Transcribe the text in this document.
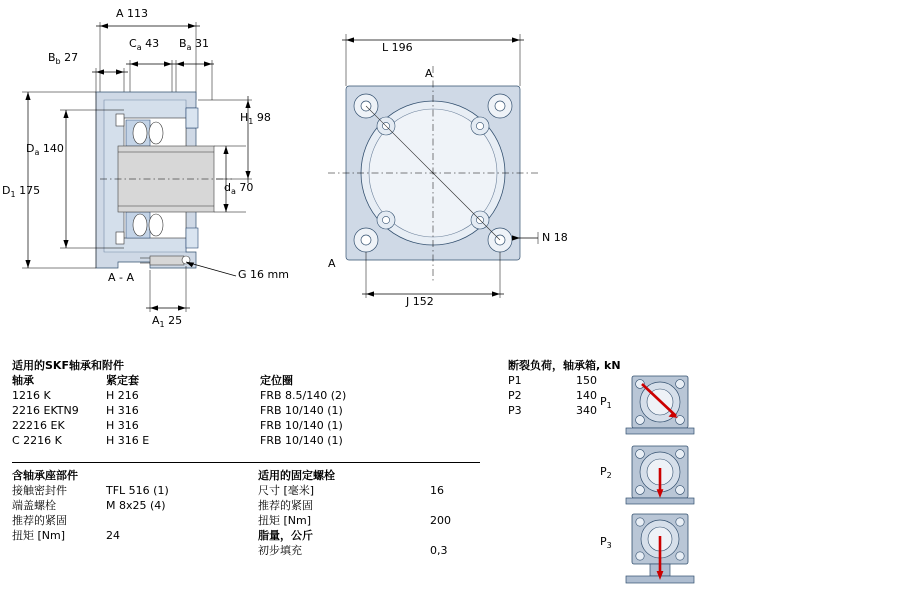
A 113
$B_b$ 27
$C_a$ 43 $B_a$ 31
$H_1$ 98
$D_a$ 140
$d_a$ 70
$D_1$ 175
G 16 mm
A - A
$A_1$ 25
L 196
A
A
N 18
J 152
适用的SKF轴承和附件
轴承	紧定套	定位圈
1216 K	H 216	FRB 8.5/140 (2)
2216 EKTN9	H 316	FRB 10/140 (1)
22216 EK	H 316	FRB 10/140 (1)
C 2216 K	H 316 E	FRB 10/140 (1)
含轴承座部件
接触密封件	TFL 516 (1)
端盖螺栓	M 8x25 (4)
推荐的紧固	
扭矩 [Nm]	24
适用的固定螺栓
尺寸 [毫米]	16
推荐的紧固	
扭矩 [Nm]	200
脂量，公斤
初步填充	0,3
断裂负荷，轴承箱, kN
P1	150
P2	140
P3	340
$P_1$
$P_2$
$P_3$
